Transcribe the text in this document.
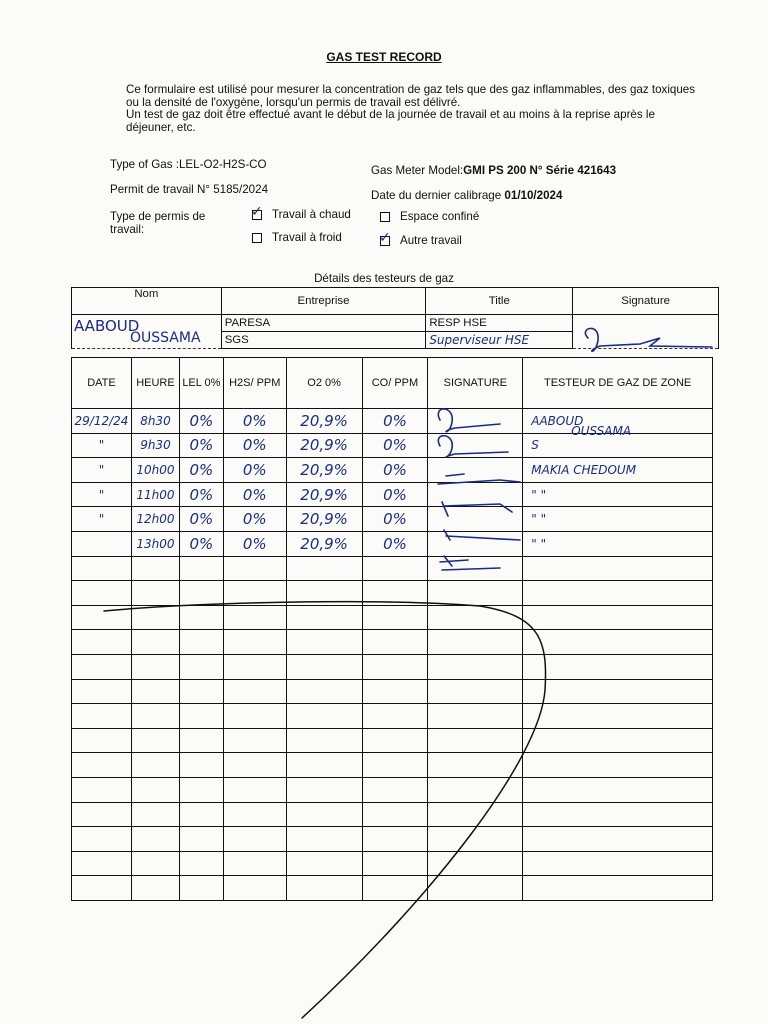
GAS TEST RECORD

Ce formulaire est utilisé pour mesurer la concentration de gaz tels que des gaz inflammables, des gaz toxiques ou la densité de l'oxygène, lorsqu'un permis de travail est délivré.

Un test de gaz doit être effectué avant le début de la journée de travail et au moins à la reprise après le déjeuner, etc.

Type of Gas :LEL-O2-H2S-CO
Permit de travail N° 5185/2024
Gas Meter Model:GMI PS 200 N° Série 421643
Date du dernier calibrage 01/10/2024
Type de permis de travail:
✓ Travail à chaud	Espace confiné
Travail à froid	✓ Autre travail
Détails des testeurs de gaz
Nom	Entreprise	Title	Signature

AABOUD
OUSSAMA	PARESA	RESP HSE	
	SGS	Superviseur HSE	
DATE	HEURE	LEL 0%	H2S/ PPM	O2 0%	CO/ PPM	SIGNATURE	TESTEUR DE GAZ DE ZONE
29/12/24	8h30	0%	0%	20,9%	0%		AABOUD
OUSSAMA

"	9h30	0%	0%	20,9%	0%		S
"	10h00	0%	0%	20,9%	0%		MAKIA CHEDOUM
"	11h00	0%	0%	20,9%	0%		" "
"	12h00	0%	0%	20,9%	0%		" "
	13h00	0%	0%	20,9%	0%		" "
